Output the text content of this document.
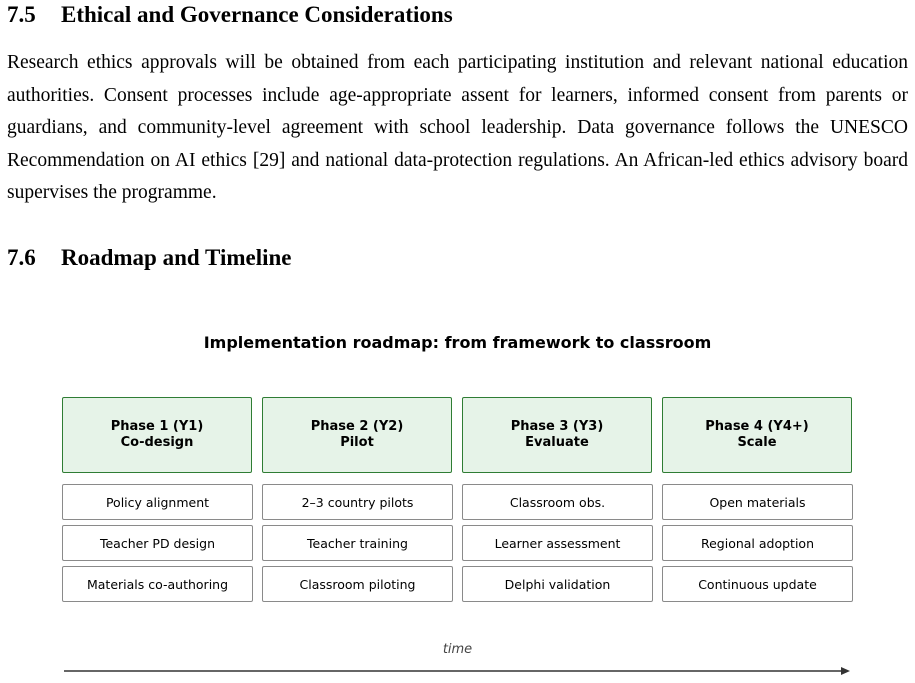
7.5 Ethical and Governance Considerations

Research ethics approvals will be obtained from each participating institution and relevant national education authorities. Consent processes include age-appropriate assent for learners, informed consent from parents or guardians, and community-level agreement with school leadership. Data governance follows the UNESCO Recommendation on AI ethics [29] and national data-protection regulations. An African-led ethics advisory board supervises the programme.

7.6 Roadmap and Timeline
Implementation roadmap: from framework to classroom
Phase 1 (Y1)
Co-design
Phase 2 (Y2)
Pilot
Phase 3 (Y3)
Evaluate
Phase 4 (Y4+)
Scale
Policy alignment
Teacher PD design
Materials co-authoring
2–3 country pilots
Teacher training
Classroom piloting
Classroom obs.
Learner assessment
Delphi validation
Open materials
Regional adoption
Continuous update
time
